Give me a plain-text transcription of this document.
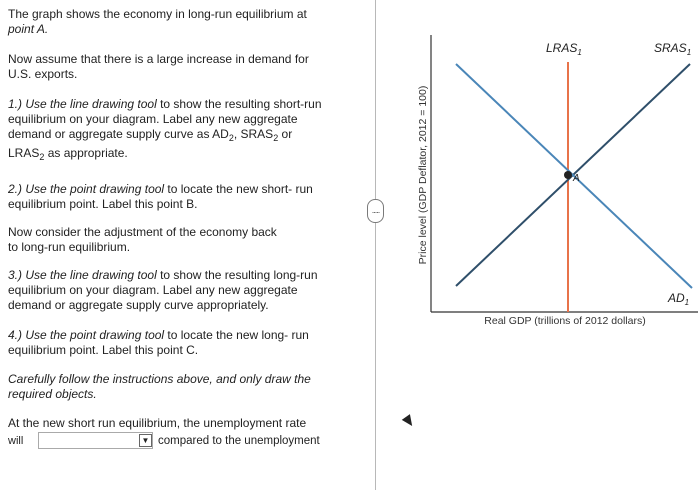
The graph shows the economy in long-run equilibrium at
point A.
Now assume that there is a large increase in demand for
U.S. exports.
1.) Use the line drawing tool to show the resulting short-run
equilibrium on your diagram. Label any new aggregate
demand or aggregate supply curve as $AD_2$, $SRAS_2$ or
$LRAS_2$ as appropriate.
2.) Use the point drawing tool to locate the new short- run
equilibrium point. Label this point B.
Now consider the adjustment of the economy back
to long-run equilibrium.
3.) Use the line drawing tool to show the resulting long-run
equilibrium on your diagram. Label any new aggregate
demand or aggregate supply curve appropriately.
4.) Use the point drawing tool to locate the new long- run
equilibrium point. Label this point C.
Carefully follow the instructions above, and only draw the
required objects.
At the new short run equilibrium, the unemployment rate
will	▼ compared to the unemployment
.....	Price level (GDP Deflator, 2012 = 100)
Real GDP (trillions of 2012 dollars)
$LRAS_1$	$SRAS_1$
$AD_1$
A
